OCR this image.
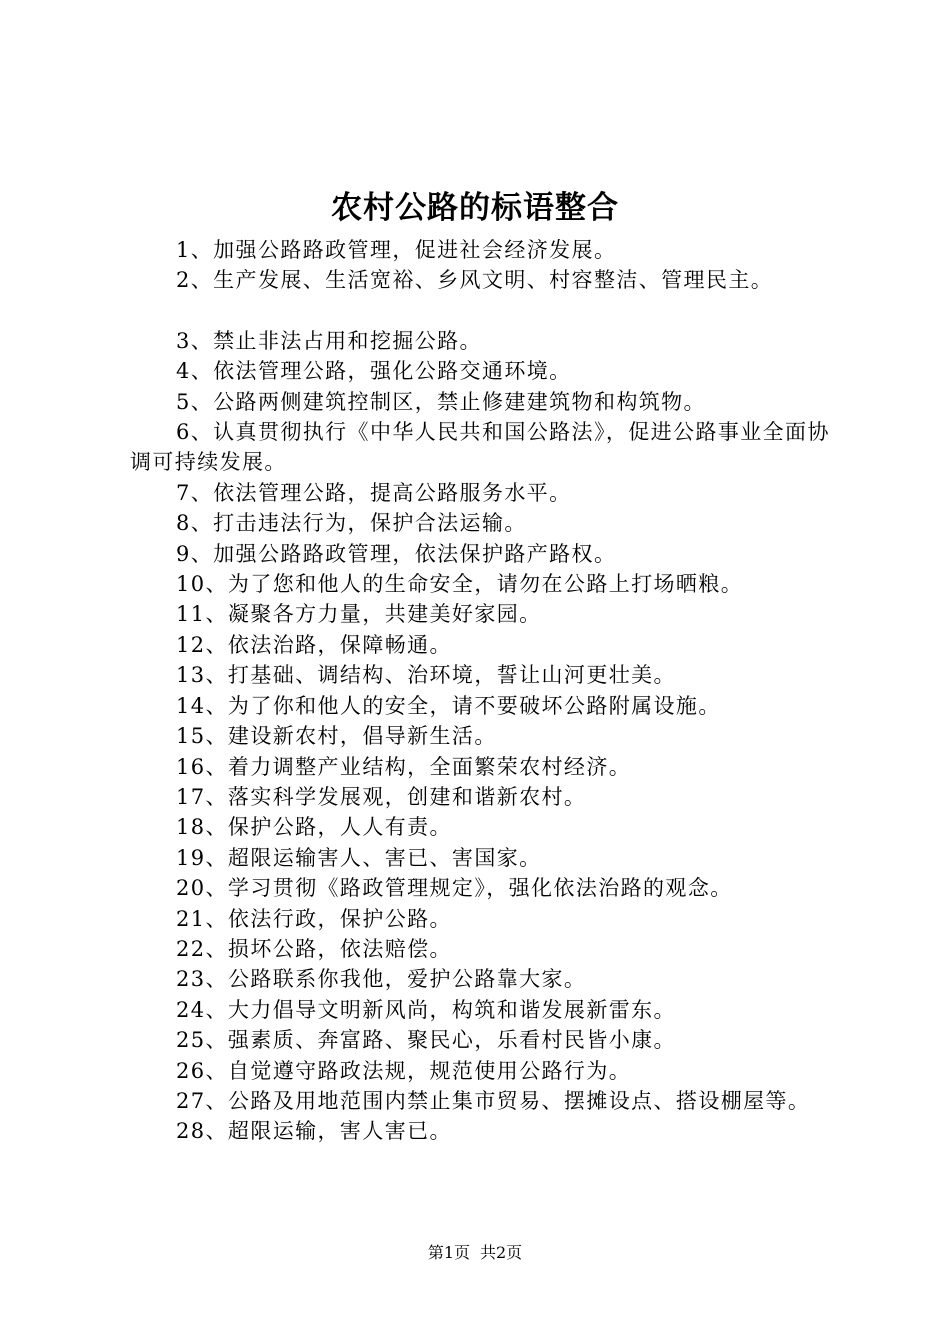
农村公路的标语整合

1、加强公路路政管理，促进社会经济发展。

2、生产发展、生活宽裕、乡风文明、村容整洁、管理民主。

3、禁止非法占用和挖掘公路。

4、依法管理公路，强化公路交通环境。

5、公路两侧建筑控制区，禁止修建建筑物和构筑物。

6、认真贯彻执行《中华人民共和国公路法》，促进公路事业全面协调可持续发展。

7、依法管理公路，提高公路服务水平。

8、打击违法行为，保护合法运输。

9、加强公路路政管理，依法保护路产路权。

10、为了您和他人的生命安全，请勿在公路上打场晒粮。

11、凝聚各方力量，共建美好家园。

12、依法治路，保障畅通。

13、打基础、调结构、治环境，誓让山河更壮美。

14、为了你和他人的安全，请不要破坏公路附属设施。

15、建设新农村，倡导新生活。

16、着力调整产业结构，全面繁荣农村经济。

17、落实科学发展观，创建和谐新农村。

18、保护公路，人人有责。

19、超限运输害人、害已、害国家。

20、学习贯彻《路政管理规定》，强化依法治路的观念。

21、依法行政，保护公路。

22、损坏公路，依法赔偿。

23、公路联系你我他，爱护公路靠大家。

24、大力倡导文明新风尚，构筑和谐发展新雷东。

25、强素质、奔富路、聚民心，乐看村民皆小康。

26、自觉遵守路政法规，规范使用公路行为。

27、公路及用地范围内禁止集市贸易、摆摊设点、搭设棚屋等。

28、超限运输，害人害已。

第1页 共2页
